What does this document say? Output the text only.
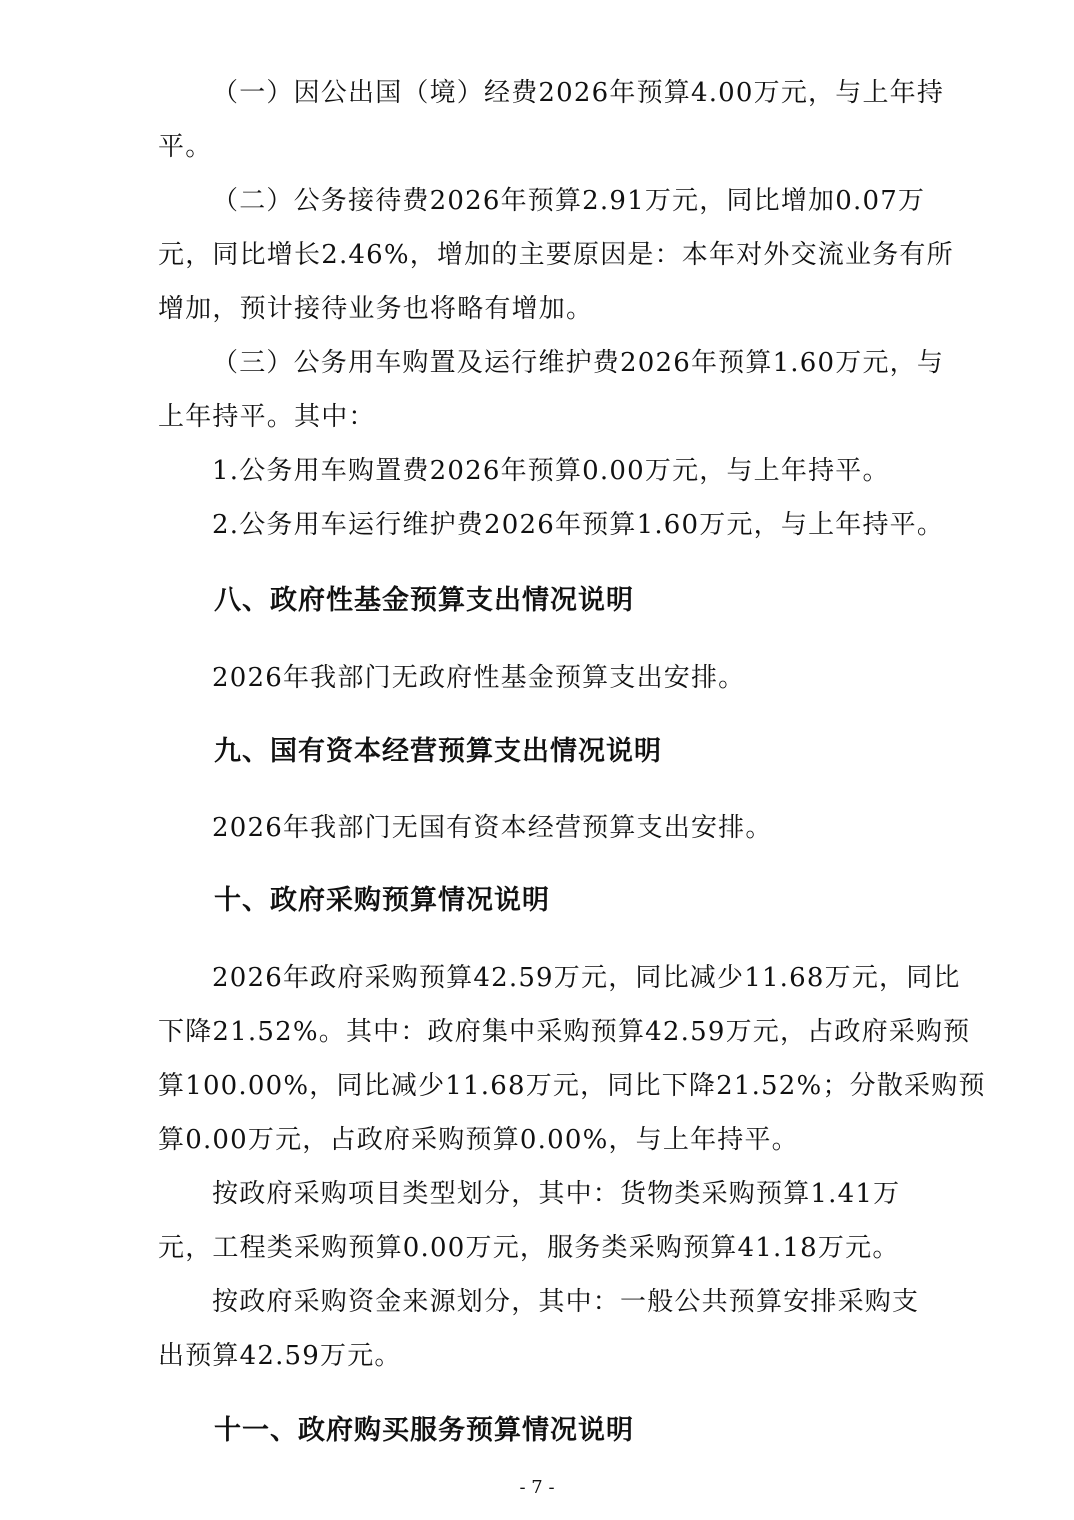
（一）因公出国（境）经费2026年预算4.00万元，与上年持
平。
（二）公务接待费2026年预算2.91万元，同比增加0.07万
元，同比增长2.46%，增加的主要原因是：本年对外交流业务有所
增加，预计接待业务也将略有增加。
（三）公务用车购置及运行维护费2026年预算1.60万元，与
上年持平。其中：
1.公务用车购置费2026年预算0.00万元，与上年持平。
2.公务用车运行维护费2026年预算1.60万元，与上年持平。
八、政府性基金预算支出情况说明
2026年我部门无政府性基金预算支出安排。
九、国有资本经营预算支出情况说明
2026年我部门无国有资本经营预算支出安排。
十、政府采购预算情况说明
2026年政府采购预算42.59万元，同比减少11.68万元，同比
下降21.52%。其中：政府集中采购预算42.59万元，占政府采购预
算100.00%，同比减少11.68万元，同比下降21.52%；分散采购预
算0.00万元，占政府采购预算0.00%，与上年持平。
按政府采购项目类型划分，其中：货物类采购预算1.41万
元，工程类采购预算0.00万元，服务类采购预算41.18万元。
按政府采购资金来源划分，其中：一般公共预算安排采购支
出预算42.59万元。
十一、政府购买服务预算情况说明
- 7 -
